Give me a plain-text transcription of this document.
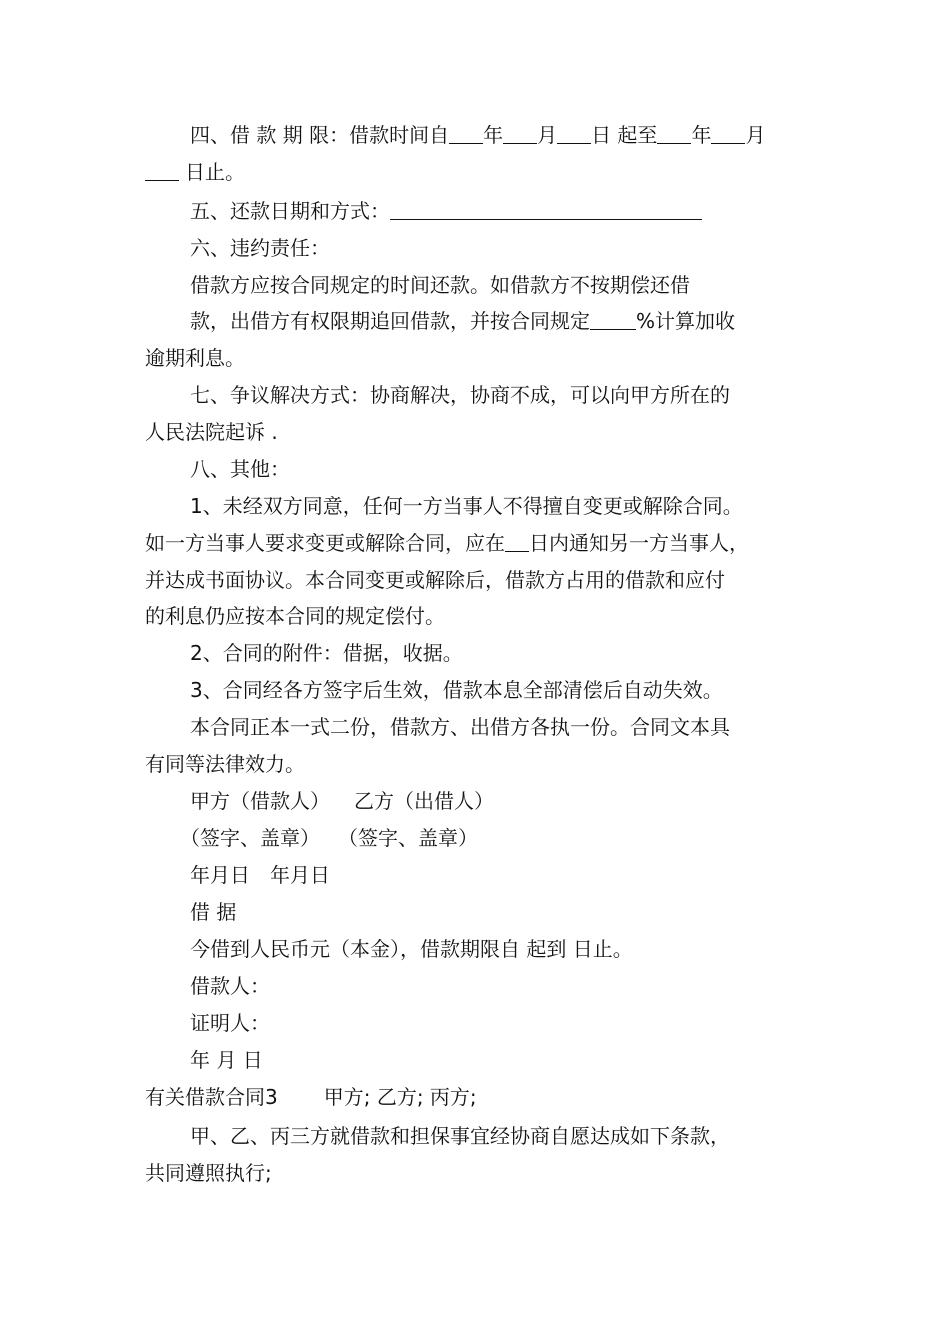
四、借 款 期 限：借款时间自 年 月 日 起至 年 月

日止。

五、还款日期和方式：

六、违约责任：

借款方应按合同规定的时间还款。如借款方不按期偿还借

款，出借方有权限期追回借款，并按合同规定 %计算加收

逾期利息。

七、争议解决方式：协商解决，协商不成，可以向甲方所在的

人民法院起诉 .

八、其他：

1、未经双方同意，任何一方当事人不得擅自变更或解除合同。

如一方当事人要求变更或解除合同，应在 日内通知另一方当事人，

并达成书面协议。本合同变更或解除后，借款方占用的借款和应付

的利息仍应按本合同的规定偿付。

2、合同的附件：借据，收据。

3、合同经各方签字后生效，借款本息全部清偿后自动失效。

本合同正本一式二份，借款方、出借方各执一份。合同文本具

有同等法律效力。

甲方（借款人） 乙方（出借人）

（签字、盖章） （签字、盖章）

年月日 年月日

借 据

今借到人民币元（本金），借款期限自 起到 日止。

借款人：

证明人：

年 月 日

有关借款合同3 甲方; 乙方; 丙方;

甲、乙、丙三方就借款和担保事宜经协商自愿达成如下条款，

共同遵照执行;
